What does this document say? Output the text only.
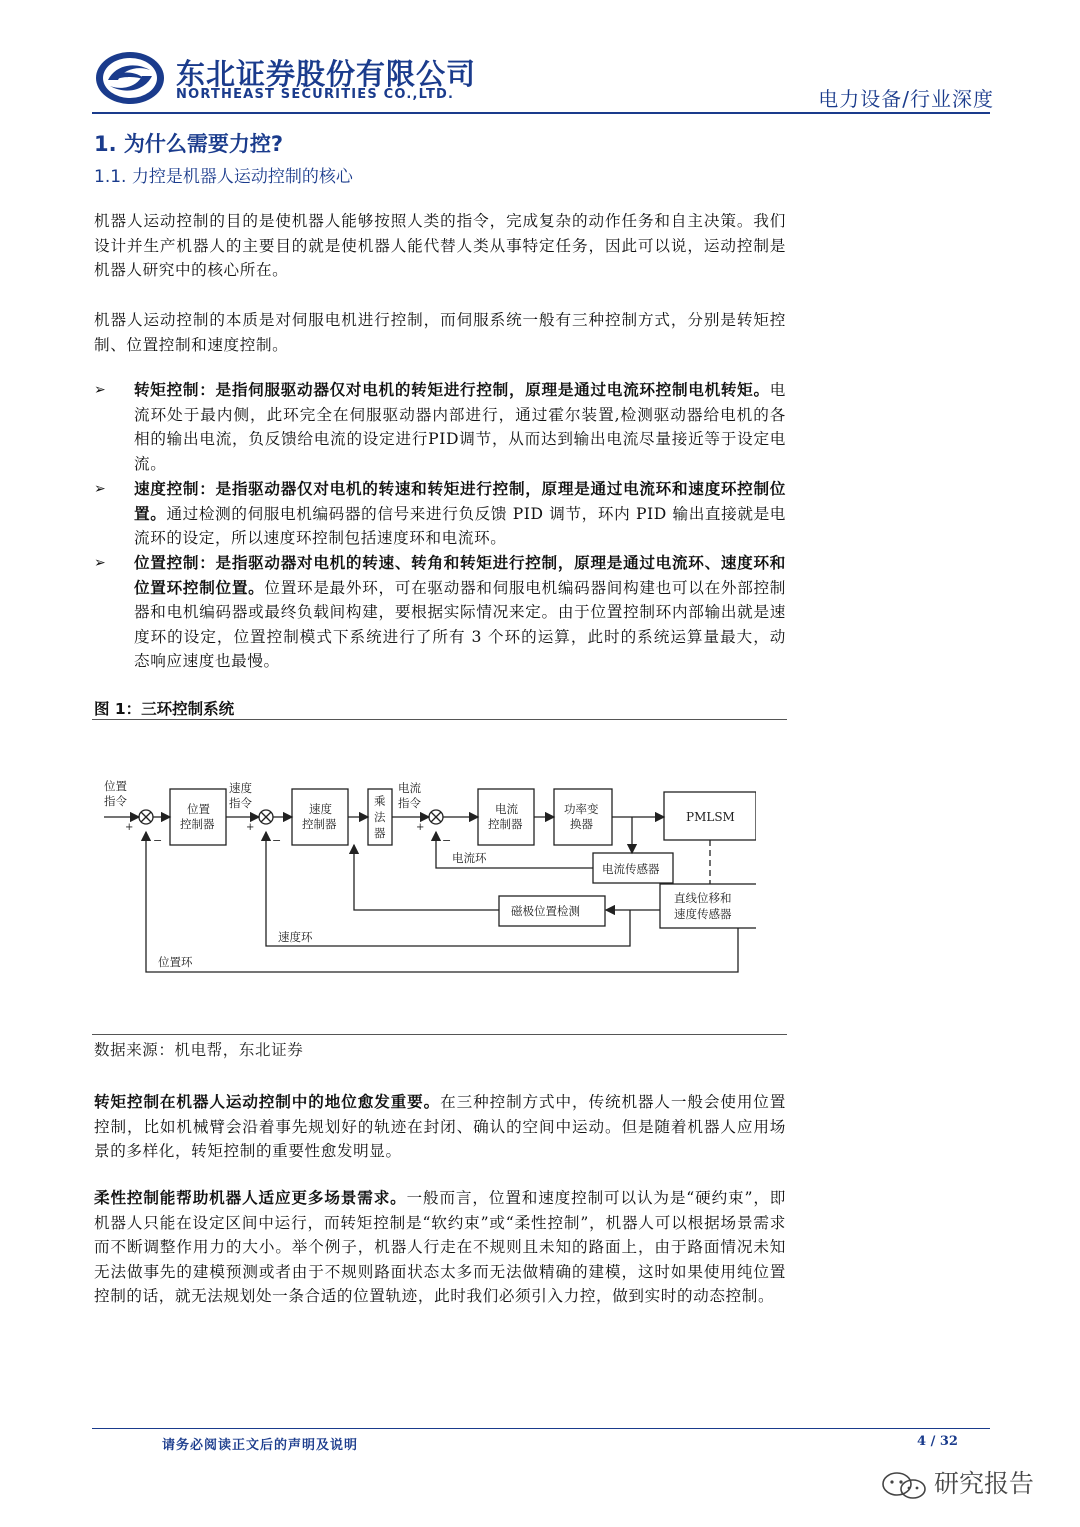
东北证券股份有限公司
NORTHEAST SECURITIES CO.,LTD.	电力设备/行业深度
1. 为什么需要力控?
1.1. 力控是机器人运动控制的核心
机器人运动控制的目的是使机器人能够按照人类的指令，完成复杂的动作任务和自主决策。我们设计并生产机器人的主要目的就是使机器人能代替人类从事特定任务，因此可以说，运动控制是机器人研究中的核心所在。
机器人运动控制的本质是对伺服电机进行控制，而伺服系统一般有三种控制方式，分别是转矩控制、位置控制和速度控制。
➢ 转矩控制：是指伺服驱动器仅对电机的转矩进行控制，原理是通过电流环控制电机转矩。电流环处于最内侧，此环完全在伺服驱动器内部进行，通过霍尔装置,检测驱动器给电机的各相的输出电流，负反馈给电流的设定进行PID调节，从而达到输出电流尽量接近等于设定电流。
➢ 速度控制：是指驱动器仅对电机的转速和转矩进行控制，原理是通过电流环和速度环控制位置。通过检测的伺服电机编码器的信号来进行负反馈 PID 调节，环内 PID 输出直接就是电流环的设定，所以速度环控制包括速度环和电流环。
➢ 位置控制：是指驱动器对电机的转速、转角和转矩进行控制，原理是通过电流环、速度环和位置环控制位置。位置环是最外环，可在驱动器和伺服电机编码器间构建也可以在外部控制器和电机编码器或最终负载间构建，要根据实际情况来定。由于位置控制环内部输出就是速度环的设定，位置控制模式下系统进行了所有 3 个环的运算，此时的系统运算量最大，动态响应速度也最慢。
图 1：三环控制系统
位置
指令
+
−
位置
控制器
速度
指令
+
−
速度
控制器
乘
法
器
电流
指令
+
−
电流
控制器
功率变
换器	PMLSM
电流传感器
电流环
直线位移和
速度传感器
磁极位置检测
速度环
位置环
数据来源：机电帮，东北证券
转矩控制在机器人运动控制中的地位愈发重要。在三种控制方式中，传统机器人一般会使用位置控制，比如机械臂会沿着事先规划好的轨迹在封闭、确认的空间中运动。但是随着机器人应用场景的多样化，转矩控制的重要性愈发明显。
柔性控制能帮助机器人适应更多场景需求。一般而言，位置和速度控制可以认为是“硬约束”，即机器人只能在设定区间中运行，而转矩控制是“软约束”或“柔性控制”，机器人可以根据场景需求而不断调整作用力的大小。举个例子，机器人行走在不规则且未知的路面上，由于路面情况未知无法做事先的建模预测或者由于不规则路面状态太多而无法做精确的建模，这时如果使用纯位置控制的话，就无法规划处一条合适的位置轨迹，此时我们必须引入力控，做到实时的动态控制。
请务必阅读正文后的声明及说明	4 / 32
研究报告
